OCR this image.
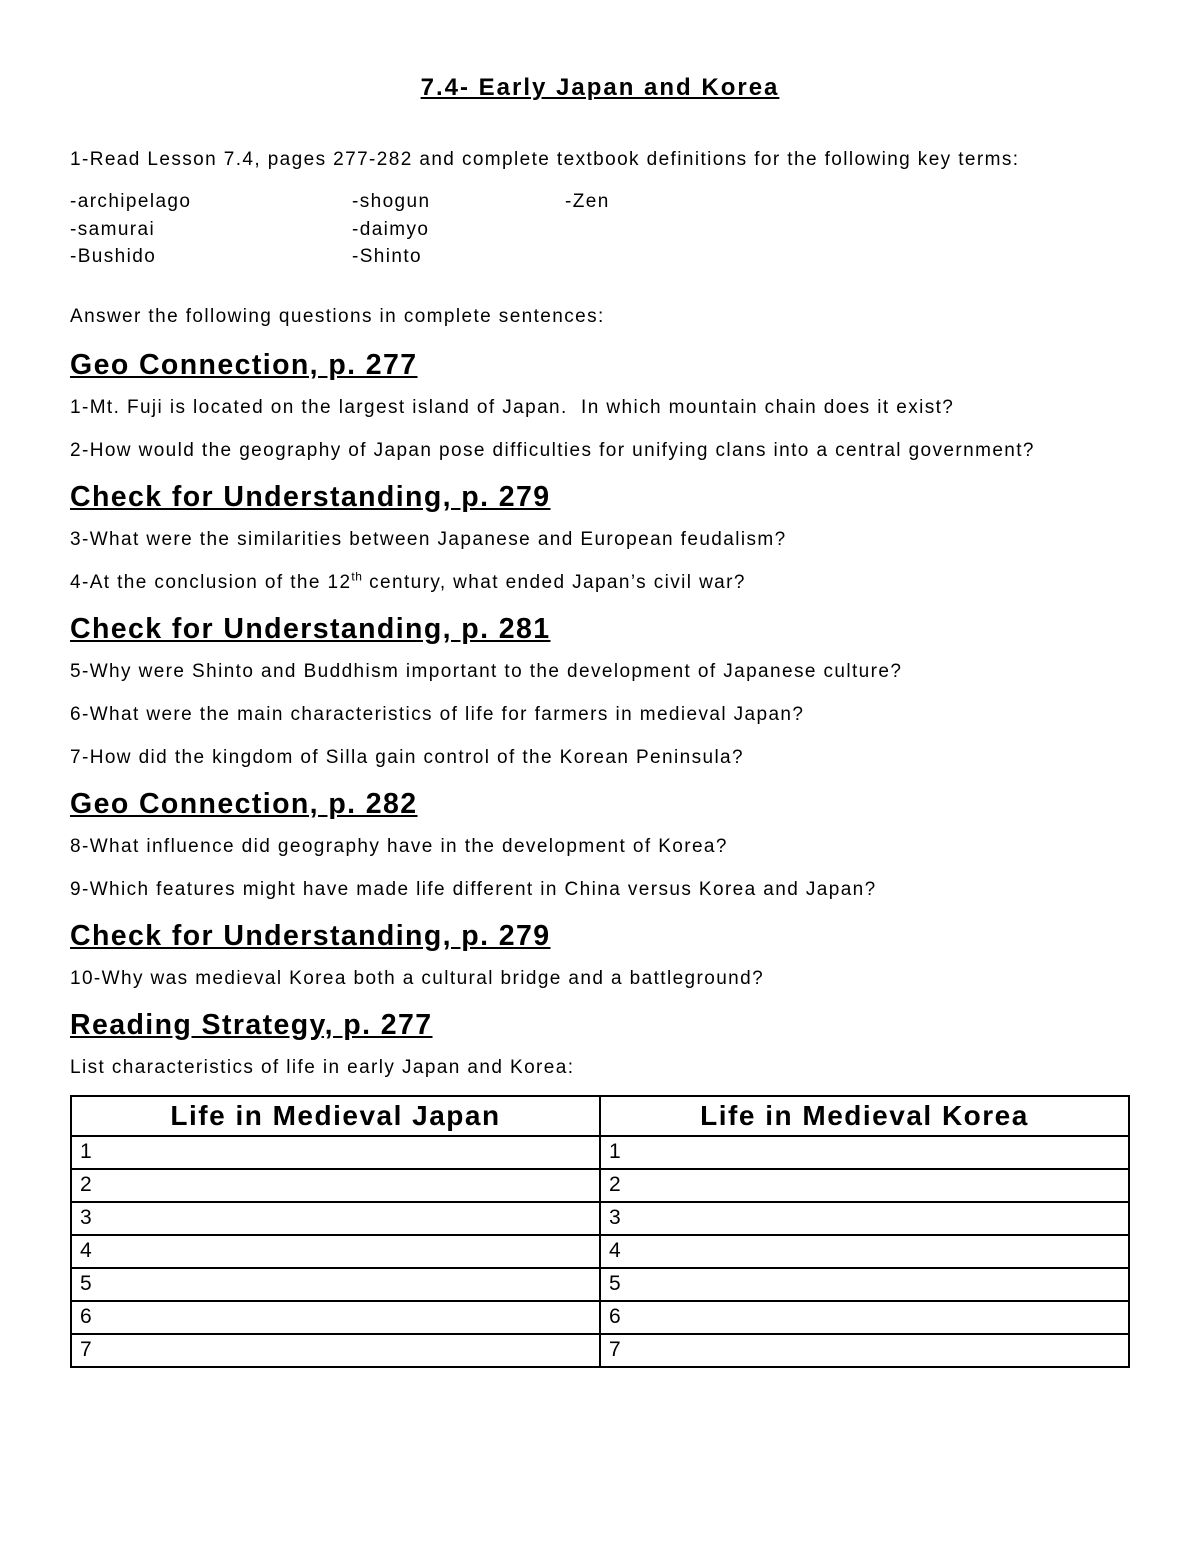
7.4- Early Japan and Korea

1-Read Lesson 7.4, pages 277-282 and complete textbook definitions for the following key terms:

-archipelago
-samurai
-Bushido
-shogun
-daimyo
-Shinto
-Zen

Answer the following questions in complete sentences:

Geo Connection, p. 277

1-Mt. Fuji is located on the largest island of Japan.  In which mountain chain does it exist?

2-How would the geography of Japan pose difficulties for unifying clans into a central government?

Check for Understanding, p. 279

3-What were the similarities between Japanese and European feudalism?

4-At the conclusion of the 12th century, what ended Japan’s civil war?

Check for Understanding, p. 281

5-Why were Shinto and Buddhism important to the development of Japanese culture?

6-What were the main characteristics of life for farmers in medieval Japan?

7-How did the kingdom of Silla gain control of the Korean Peninsula?

Geo Connection, p. 282

8-What influence did geography have in the development of Korea?

9-Which features might have made life different in China versus Korea and Japan?

Check for Understanding, p. 279

10-Why was medieval Korea both a cultural bridge and a battleground?

Reading Strategy, p. 277

List characteristics of life in early Japan and Korea:

Life in Medieval Japan	Life in Medieval Korea
1	1
2	2
3	3
4	4
5	5
6	6
7	7
